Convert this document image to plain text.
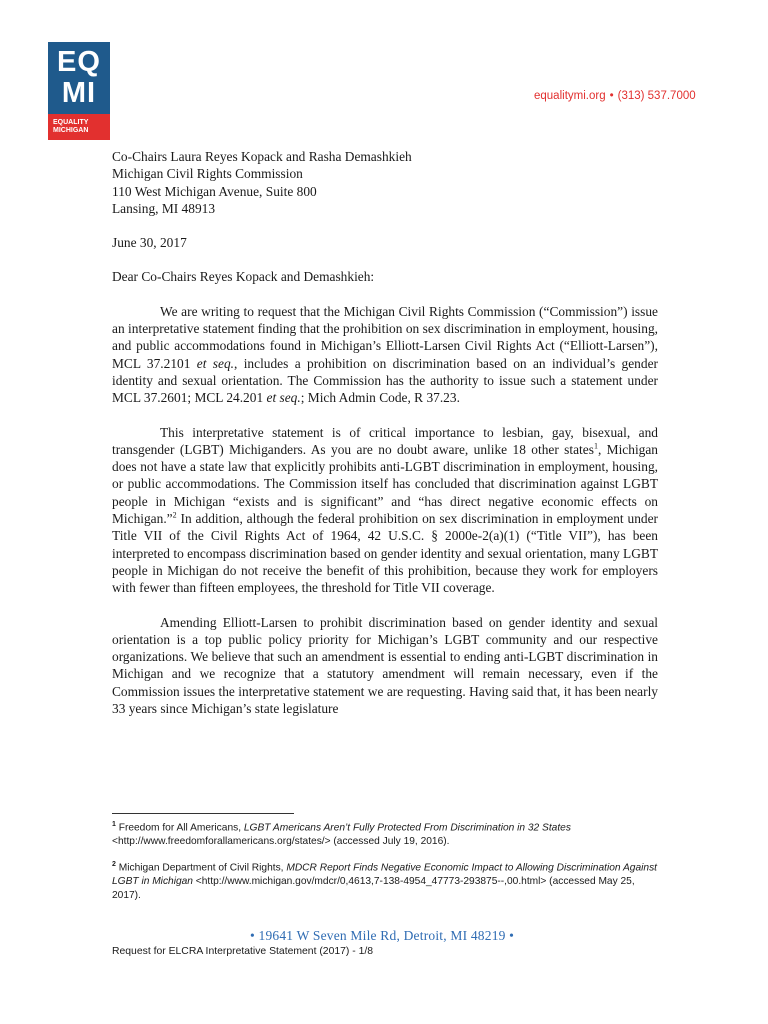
EQ
MI
EQUALITY
MICHIGAN
equalitymi.org • (313) 537.7000
Co-Chairs Laura Reyes Kopack and Rasha Demashkieh
Michigan Civil Rights Commission
110 West Michigan Avenue, Suite 800
Lansing, MI 48913
June 30, 2017
Dear Co-Chairs Reyes Kopack and Demashkieh:

We are writing to request that the Michigan Civil Rights Commission (“Commission”) issue an interpretative statement finding that the prohibition on sex discrimination in employment, housing, and public accommodations found in Michigan’s Elliott-Larsen Civil Rights Act (“Elliott-Larsen”), MCL 37.2101 et seq., includes a prohibition on discrimination based on an individual’s gender identity and sexual orientation. The Commission has the authority to issue such a statement under MCL 37.2601; MCL 24.201 et seq.; Mich Admin Code, R 37.23.

This interpretative statement is of critical importance to lesbian, gay, bisexual, and transgender (LGBT) Michiganders. As you are no doubt aware, unlike 18 other states$^1$, Michigan does not have a state law that explicitly prohibits anti-LGBT discrimination in employment, housing, or public accommodations. The Commission itself has concluded that discrimination against LGBT people in Michigan “exists and is significant” and “has direct negative economic effects on Michigan.”$^2$ In addition, although the federal prohibition on sex discrimination in employment under Title VII of the Civil Rights Act of 1964, 42 U.S.C. § 2000e-2(a)(1) (“Title VII”), has been interpreted to encompass discrimination based on gender identity and sexual orientation, many LGBT people in Michigan do not receive the benefit of this prohibition, because they work for employers with fewer than fifteen employees, the threshold for Title VII coverage.

Amending Elliott-Larsen to prohibit discrimination based on gender identity and sexual orientation is a top public policy priority for Michigan’s LGBT community and our respective organizations. We believe that such an amendment is essential to ending anti-LGBT discrimination in Michigan and we recognize that a statutory amendment will remain necessary, even if the Commission issues the interpretative statement we are requesting. Having said that, it has been nearly 33 years since Michigan’s state legislature

$^1$ Freedom for All Americans, LGBT Americans Aren’t Fully Protected From Discrimination in 32 States <http://www.freedomforallamericans.org/states/> (accessed July 19, 2016).
$^2$ Michigan Department of Civil Rights, MDCR Report Finds Negative Economic Impact to Allowing Discrimination Against LGBT in Michigan <http://www.michigan.gov/mdcr/0,4613,7-138-4954_47773-293875--,00.html> (accessed May 25, 2017).
• 19641 W Seven Mile Rd, Detroit, MI 48219 •
Request for ELCRA Interpretative Statement (2017) - 1/8
